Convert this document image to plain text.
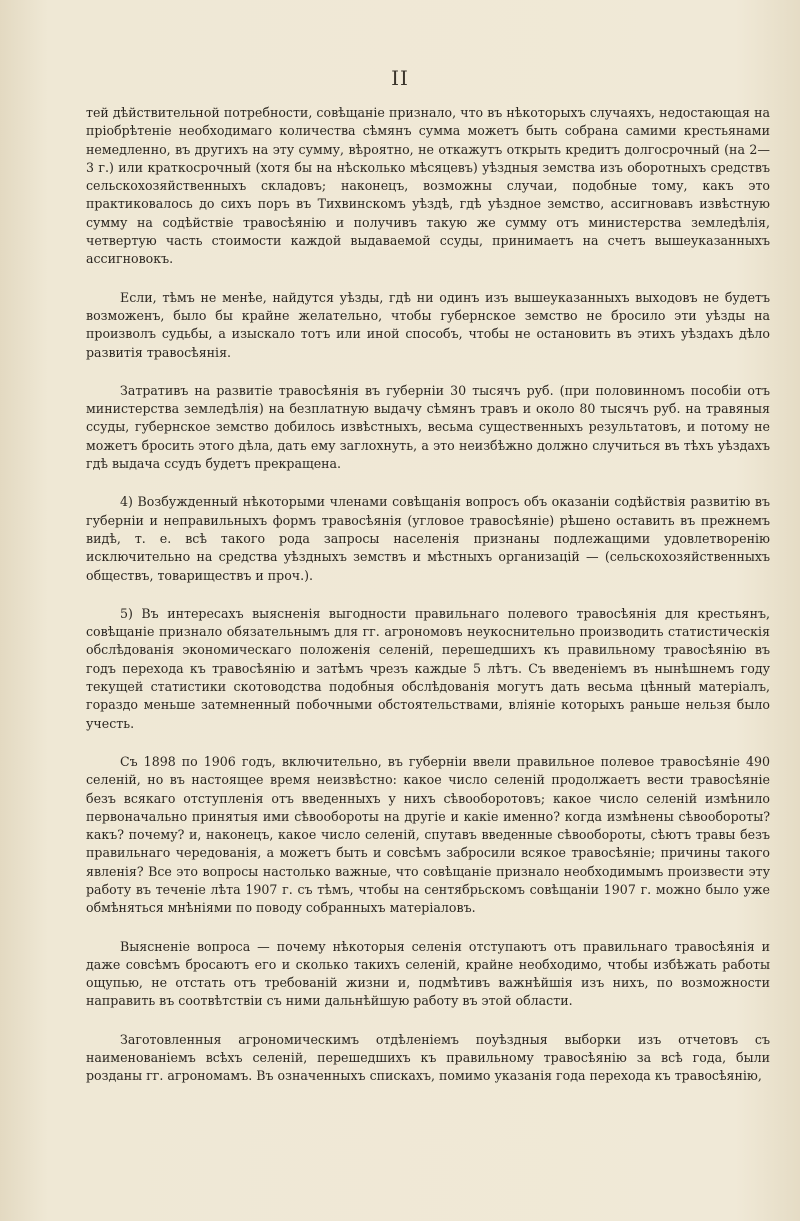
II

тей дѣйствительной потребности, совѣщаніе признало, что въ нѣкоторыхъ случаяхъ, недостающая на пріобрѣтеніе необходимаго количества сѣмянъ сумма можетъ быть собрана самими крестьянами немедленно, въ другихъ на эту сумму, вѣроятно, не откажутъ открыть кредитъ долгосрочный (на 2—3 г.) или краткосрочный (хотя бы на нѣсколько мѣсяцевъ) уѣздныя земства изъ оборотныхъ средствъ сельскохозяйственныхъ складовъ; наконецъ, возможны случаи, подобные тому, какъ это практиковалось до сихъ поръ въ Тихвинскомъ уѣздѣ, гдѣ уѣздное земство, ассигновавъ извѣстную сумму на содѣйствіе травосѣянію и получивъ такую же сумму отъ министерства земледѣлія, четвертую часть стоимости каждой выдаваемой ссуды, принимаетъ на счетъ вышеуказанныхъ ассигновокъ.

Если, тѣмъ не менѣе, найдутся уѣзды, гдѣ ни одинъ изъ вышеуказанныхъ выходовъ не будетъ возможенъ, было бы крайне желательно, чтобы губернское земство не бросило эти уѣзды на произволъ судьбы, а изыскало тотъ или иной способъ, чтобы не остановить въ этихъ уѣздахъ дѣло развитія травосѣянія.

Затративъ на развитіе травосѣянія въ губерніи 30 тысячъ руб. (при половинномъ пособіи отъ министерства земледѣлія) на безплатную выдачу сѣмянъ травъ и около 80 тысячъ руб. на травяныя ссуды, губернское земство добилось извѣстныхъ, весьма существенныхъ результатовъ, и потому не можетъ бросить этого дѣла, дать ему заглохнуть, а это неизбѣжно должно случиться въ тѣхъ уѣздахъ гдѣ выдача ссудъ будетъ прекращена.

4) Возбужденный нѣкоторыми членами совѣщанія вопросъ объ оказаніи содѣйствія развитію въ губерніи и неправильныхъ формъ травосѣянія (угловое травосѣяніе) рѣшено оставить въ прежнемъ видѣ, т. е. всѣ такого рода запросы населенія признаны подлежащими удовлетворенію исключительно на средства уѣздныхъ земствъ и мѣстныхъ организацій — (сельскохозяйственныхъ обществъ, товариществъ и проч.).

5) Въ интересахъ выясненія выгодности правильнаго полевого травосѣянія для крестьянъ, совѣщаніе признало обязательнымъ для гг. агрономовъ неукоснительно производить статистическія обслѣдованія экономическаго положенія селеній, перешедшихъ къ правильному травосѣянію въ годъ перехода къ травосѣянію и затѣмъ чрезъ каждые 5 лѣтъ. Съ введеніемъ въ нынѣшнемъ году текущей статистики скотоводства подобныя обслѣдованія могутъ дать весьма цѣнный матеріалъ, гораздо меньше затемненный побочными обстоятельствами, вліяніе которыхъ раньше нельзя было учесть.

Съ 1898 по 1906 годъ, включительно, въ губерніи ввели правильное полевое травосѣяніе 490 селеній, но въ настоящее время неизвѣстно: какое число селеній продолжаетъ вести травосѣяніе безъ всякаго отступленія отъ введенныхъ у нихъ сѣвооборотовъ; какое число селеній измѣнило первоначально принятыя ими сѣвообороты на другіе и какіе именно? когда измѣнены сѣвообороты? какъ? почему? и, наконецъ, какое число селеній, спутавъ введенные сѣвообороты, сѣютъ травы безъ правильнаго чередованія, а можетъ быть и совсѣмъ забросили всякое травосѣяніе; причины такого явленія? Все это вопросы настолько важные, что совѣщаніе признало необходимымъ произвести эту работу въ теченіе лѣта 1907 г. съ тѣмъ, чтобы на сентябрьскомъ совѣщаніи 1907 г. можно было уже обмѣняться мнѣніями по поводу собранныхъ матеріаловъ.

Выясненіе вопроса — почему нѣкоторыя селенія отступаютъ отъ правильнаго травосѣянія и даже совсѣмъ бросаютъ его и сколько такихъ селеній, крайне необходимо, чтобы избѣжать работы ощупью, не отстать отъ требованій жизни и, подмѣтивъ важнѣйшія изъ нихъ, по возможности направить въ соотвѣтствіи съ ними дальнѣйшую работу въ этой области.

Заготовленныя агрономическимъ отдѣленіемъ поуѣздныя выборки изъ отчетовъ съ наименованіемъ всѣхъ селеній, перешедшихъ къ правильному травосѣянію за всѣ года, были розданы гг. агрономамъ. Въ означенныхъ спискахъ, помимо указанія года перехода къ травосѣянію,
